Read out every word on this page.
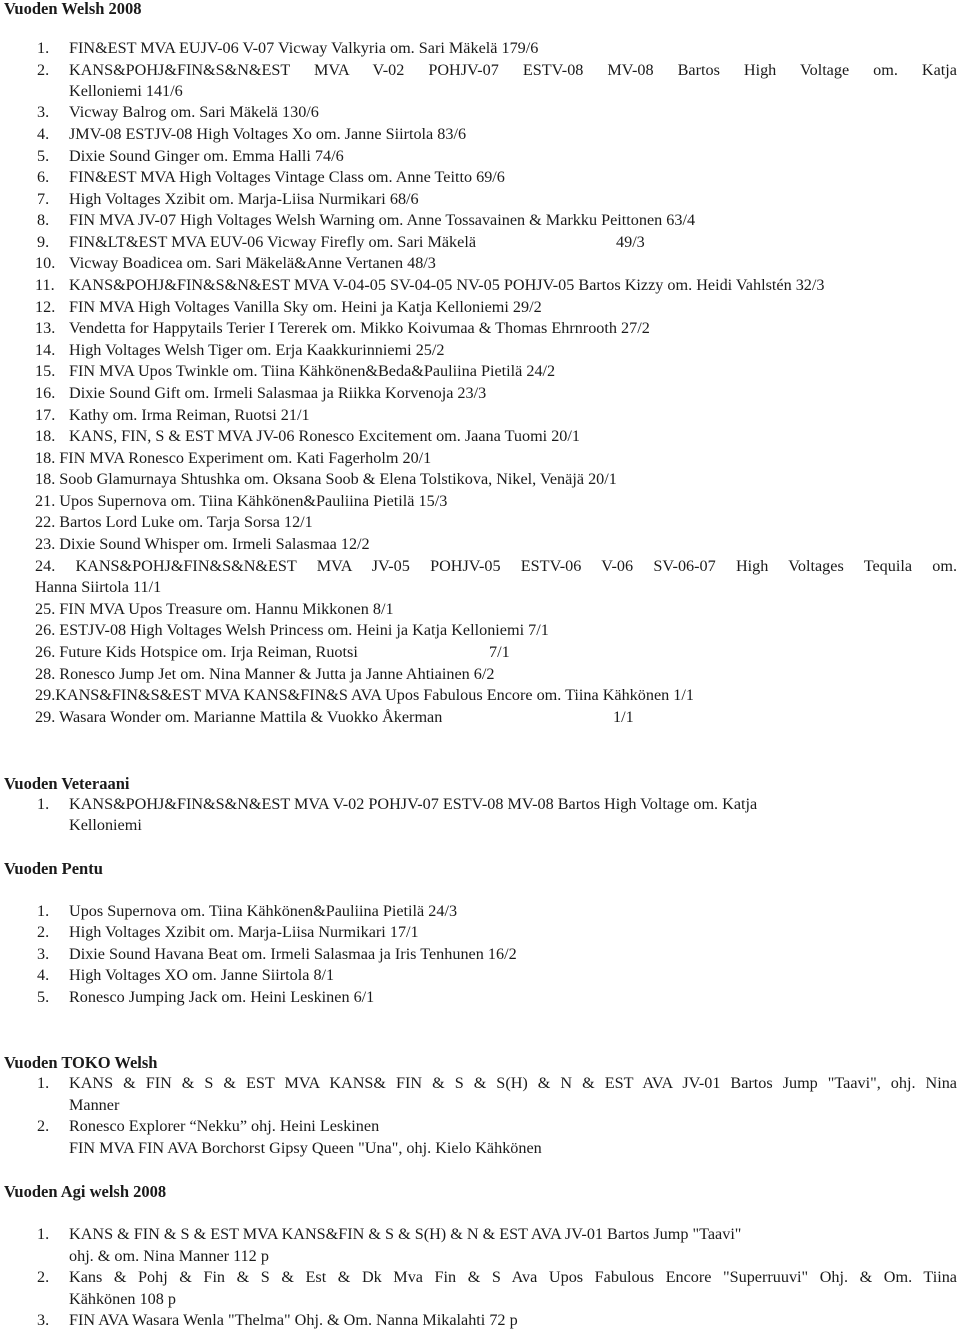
Vuoden Welsh 2008
1. FIN&EST MVA EUJV-06 V-07 Vicway Valkyria om. Sari Mäkelä 179/6
2. KANS&POHJ&FIN&S&N&EST MVA V-02 POHJV-07 ESTV-08 MV-08 Bartos High Voltage om. Katja
Kelloniemi 141/6
3. Vicway Balrog om. Sari Mäkelä 130/6
4. JMV-08 ESTJV-08 High Voltages Xo om. Janne Siirtola 83/6
5. Dixie Sound Ginger om. Emma Halli 74/6
6. FIN&EST MVA High Voltages Vintage Class om. Anne Teitto 69/6
7. High Voltages Xzibit om. Marja-Liisa Nurmikari 68/6
8. FIN MVA JV-07 High Voltages Welsh Warning om. Anne Tossavainen & Markku Peittonen 63/4
9. FIN&LT&EST MVA EUV-06 Vicway Firefly om. Sari Mäkelä	49/3
10. Vicway Boadicea om. Sari Mäkelä&Anne Vertanen 48/3
11. KANS&POHJ&FIN&S&N&EST MVA V-04-05 SV-04-05 NV-05 POHJV-05 Bartos Kizzy om. Heidi Vahlstén 32/3
12. FIN MVA High Voltages Vanilla Sky om. Heini ja Katja Kelloniemi 29/2
13. Vendetta for Happytails Terier I Tererek om. Mikko Koivumaa & Thomas Ehrnrooth 27/2
14. High Voltages Welsh Tiger om. Erja Kaakkurinniemi 25/2
15. FIN MVA Upos Twinkle om. Tiina Kähkönen&Beda&Pauliina Pietilä 24/2
16. Dixie Sound Gift om. Irmeli Salasmaa ja Riikka Korvenoja 23/3
17. Kathy om. Irma Reiman, Ruotsi 21/1
18. KANS, FIN, S & EST MVA JV-06 Ronesco Excitement om. Jaana Tuomi 20/1
18. FIN MVA Ronesco Experiment om. Kati Fagerholm 20/1
18. Soob Glamurnaya Shtushka om. Oksana Soob & Elena Tolstikova, Nikel, Venäjä 20/1
21. Upos Supernova om. Tiina Kähkönen&Pauliina Pietilä 15/3
22. Bartos Lord Luke om. Tarja Sorsa 12/1
23. Dixie Sound Whisper om. Irmeli Salasmaa 12/2
24. KANS&POHJ&FIN&S&N&EST MVA JV-05 POHJV-05 ESTV-06 V-06 SV-06-07 High Voltages Tequila om.
Hanna Siirtola 11/1
25. FIN MVA Upos Treasure om. Hannu Mikkonen 8/1
26. ESTJV-08 High Voltages Welsh Princess om. Heini ja Katja Kelloniemi 7/1
26. Future Kids Hotspice om. Irja Reiman, Ruotsi	7/1
28. Ronesco Jump Jet om. Nina Manner & Jutta ja Janne Ahtiainen 6/2
29.KANS&FIN&S&EST MVA KANS&FIN&S AVA Upos Fabulous Encore om. Tiina Kähkönen 1/1
29. Wasara Wonder om. Marianne Mattila & Vuokko Åkerman	1/1
Vuoden Veteraani
1. KANS&POHJ&FIN&S&N&EST MVA V-02 POHJV-07 ESTV-08 MV-08 Bartos High Voltage om. Katja
Kelloniemi
Vuoden Pentu
1. Upos Supernova om. Tiina Kähkönen&Pauliina Pietilä 24/3
2. High Voltages Xzibit om. Marja-Liisa Nurmikari 17/1
3. Dixie Sound Havana Beat om. Irmeli Salasmaa ja Iris Tenhunen 16/2
4. High Voltages XO om. Janne Siirtola 8/1
5. Ronesco Jumping Jack om. Heini Leskinen 6/1
Vuoden TOKO Welsh
1. KANS & FIN & S & EST MVA KANS& FIN & S & S(H) & N & EST AVA JV-01 Bartos Jump "Taavi", ohj. Nina
Manner
2. Ronesco Explorer “Nekku” ohj. Heini Leskinen
FIN MVA FIN AVA Borchorst Gipsy Queen "Una", ohj. Kielo Kähkönen
Vuoden Agi welsh 2008
1. KANS & FIN & S & EST MVA KANS&FIN & S & S(H) & N & EST AVA JV-01 Bartos Jump "Taavi"
ohj. & om. Nina Manner 112 p
2. Kans & Pohj & Fin & S & Est & Dk Mva Fin & S Ava Upos Fabulous Encore "Superruuvi" Ohj. & Om. Tiina
Kähkönen 108 p
3. FIN AVA Wasara Wenla "Thelma" Ohj. & Om. Nanna Mikalahti 72 p
